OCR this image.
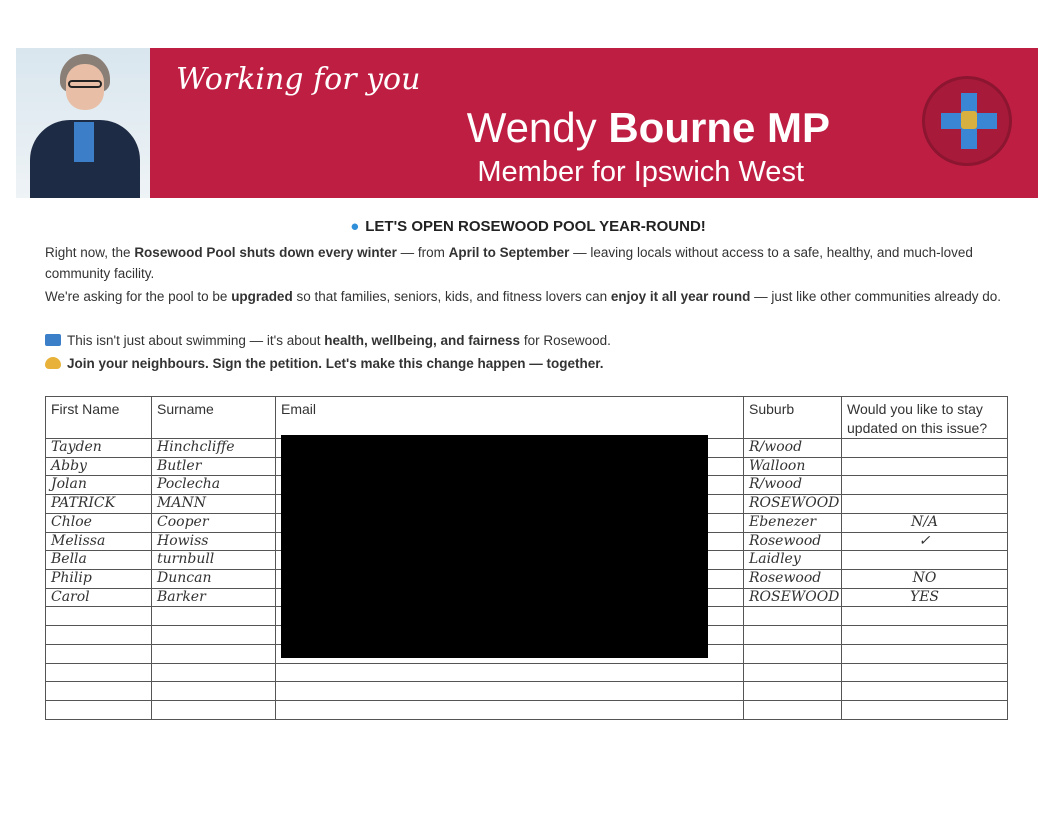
Working for you
Wendy Bourne MP
Member for Ipswich West
● LET'S OPEN ROSEWOOD POOL YEAR-ROUND!
Right now, the Rosewood Pool shuts down every winter — from April to September — leaving locals without access to a safe, healthy, and much-loved community facility.
We're asking for the pool to be upgraded so that families, seniors, kids, and fitness lovers can enjoy it all year round — just like other communities already do.
This isn't just about swimming — it's about health, wellbeing, and fairness for Rosewood.
Join your neighbours. Sign the petition. Let's make this change happen — together.
First Name	Surname	Email	Suburb	Would you like to stay updated on this issue?
Tayden	Hinchcliffe		R/wood	
Abby	Butler		Walloon	
Jolan	Poclecha		R/wood	
PATRICK	MANN		ROSEWOOD	
Chloe	Cooper		Ebenezer	N/A
Melissa	Howiss		Rosewood	✓
Bella	turnbull		Laidley	
Philip	Duncan		Rosewood	NO
Carol	Barker		ROSEWOOD	YES
